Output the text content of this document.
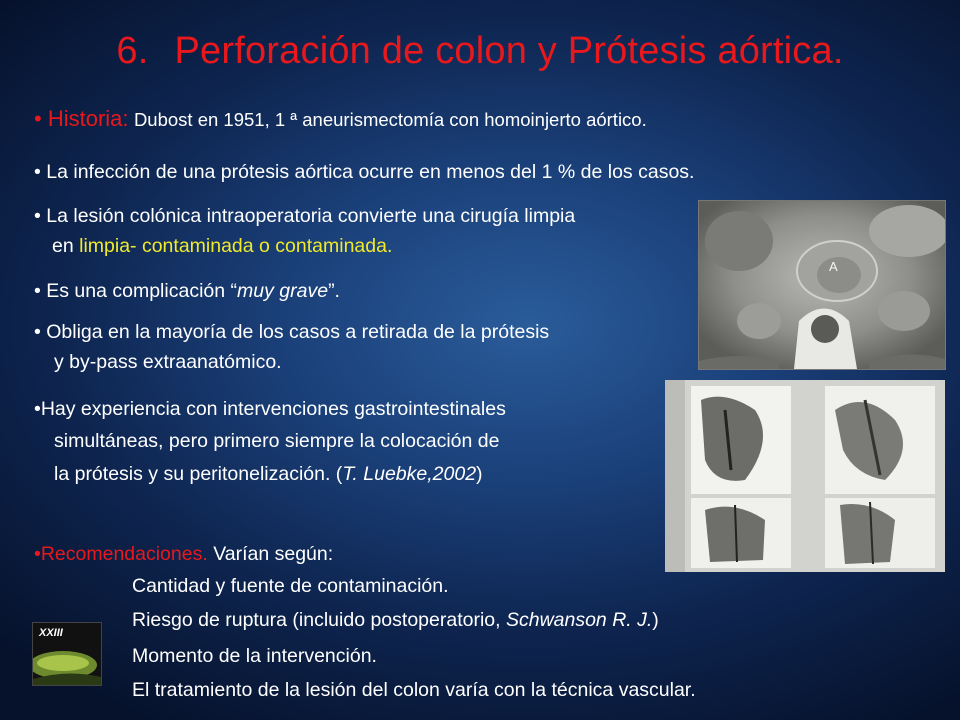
6. Perforación de colon y Prótesis aórtica.
• Historia: Dubost en 1951, 1 ª aneurismectomía con homoinjerto aórtico.
• La infección de una prótesis aórtica ocurre en menos del 1 % de los casos.
• La lesión colónica intraoperatoria convierte una cirugía limpia
en limpia- contaminada o contaminada.
• Es una complicación “muy grave”.
• Obliga en la mayoría de los casos a retirada de la prótesis
y by-pass extraanatómico.
•Hay experiencia con intervenciones gastrointestinales
simultáneas, pero primero siempre la colocación de
la prótesis y su peritonelización. (T. Luebke,2002)
•Recomendaciones. Varían según:
Cantidad y fuente de contaminación.
Riesgo de ruptura (incluido postoperatorio, Schwanson R. J.)
Momento de la intervención.
El tratamiento de la lesión del colon varía con la técnica vascular.
A
XXIII
